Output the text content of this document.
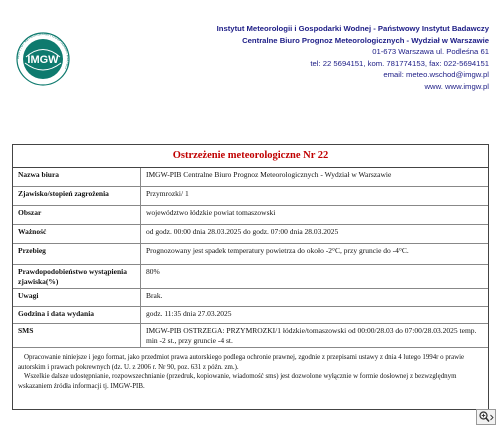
IMGW
INSTYTUT METEOROLOGII I GOSPODARKI WODNEJ
Instytut Meteorologii i Gospodarki Wodnej - Państwowy Instytut Badawczy
Centralne Biuro Prognoz Meteorologicznych - Wydział w Warszawie
01-673 Warszawa ul. Podleśna 61
tel: 22 5694151, kom. 781774153, fax: 022-5694151
email: meteo.wschod@imgw.pl
www. www.imgw.pl
Ostrzeżenie meteorologiczne Nr 22
Nazwa biura	IMGW-PIB Centralne Biuro Prognoz Meteorologicznych - Wydział w Warszawie
Zjawisko/stopień zagrożenia	Przymrozki/ 1
Obszar	województwo łódzkie powiat tomaszowski
Ważność	od godz. 00:00 dnia 28.03.2025 do godz. 07:00 dnia 28.03.2025
Przebieg	Prognozowany jest spadek temperatury powietrza do około -2°C, przy gruncie do -4°C.
Prawdopodobieństwo wystąpienia zjawiska(%)	80%
Uwagi	Brak.
Godzina i data wydania	godz. 11:35 dnia 27.03.2025
SMS	IMGW-PIB OSTRZEGA: PRZYMROZKI/1 łódzkie/tomaszowski od 00:00/28.03 do 07:00/28.03.2025 temp. min -2 st., przy gruncie -4 st.

Opracowanie niniejsze i jego format, jako przedmiot prawa autorskiego podlega ochronie prawnej, zgodnie z przepisami ustawy z dnia 4 lutego 1994r o prawie autorskim i prawach pokrewnych (dz. U. z 2006 r. Nr 90, poz. 631 z późn. zm.).

Wszelkie dalsze udostępnianie, rozpowszechnianie (przedruk, kopiowanie, wiadomość sms) jest dozwolone wyłącznie w formie dosłownej z bezwzględnym wskazaniem źródła informacji tj. IMGW-PIB.
